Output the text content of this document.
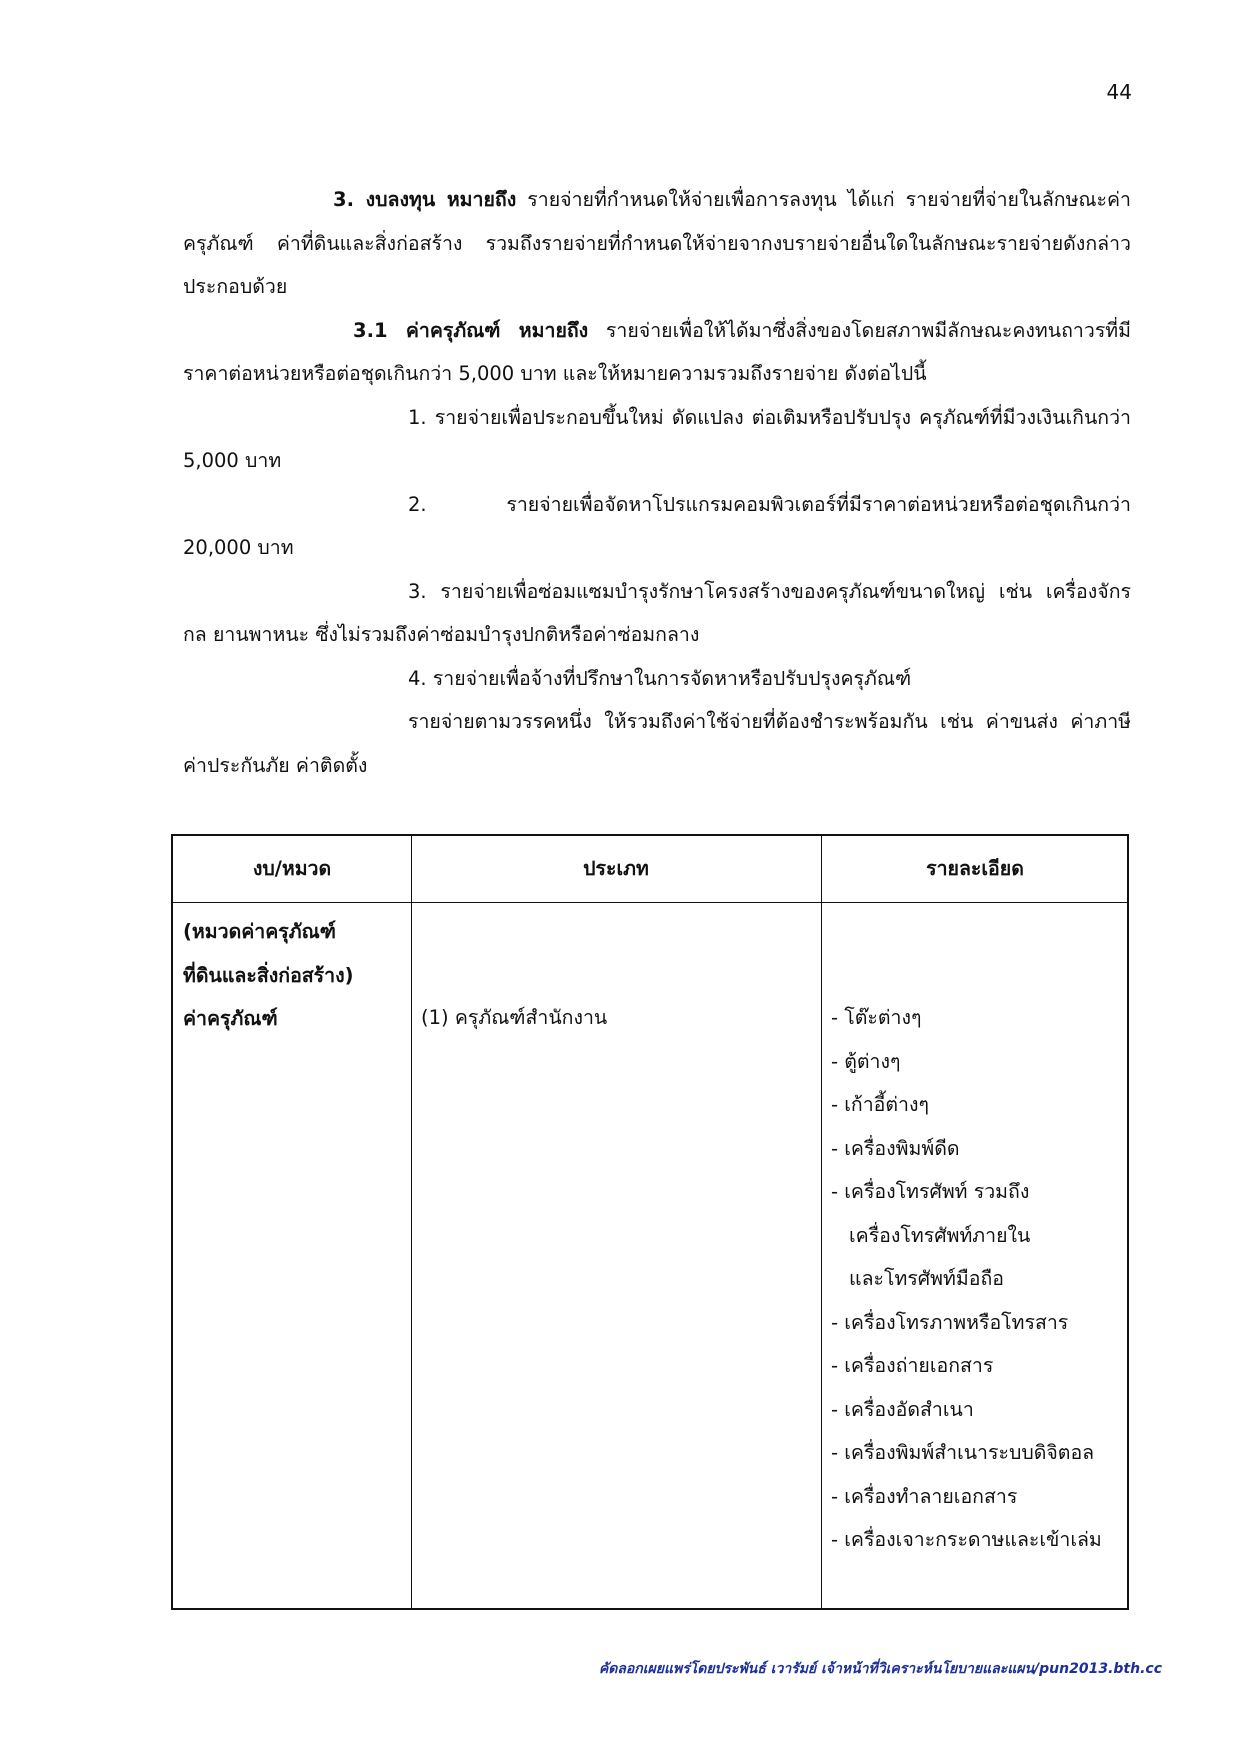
44

3. งบลงทุน หมายถึง รายจ่ายที่กำหนดให้จ่ายเพื่อการลงทุน ได้แก่ รายจ่ายที่จ่ายในลักษณะค่าครุภัณฑ์ ค่าที่ดินและสิ่งก่อสร้าง รวมถึงรายจ่ายที่กำหนดให้จ่ายจากงบรายจ่ายอื่นใดในลักษณะรายจ่ายดังกล่าว ประกอบด้วย

3.1 ค่าครุภัณฑ์ หมายถึง รายจ่ายเพื่อให้ได้มาซึ่งสิ่งของโดยสภาพมีลักษณะคงทนถาวรที่มีราคาต่อหน่วยหรือต่อชุดเกินกว่า 5,000 บาท และให้หมายความรวมถึงรายจ่าย ดังต่อไปนี้

1. รายจ่ายเพื่อประกอบขึ้นใหม่ ดัดแปลง ต่อเติมหรือปรับปรุง ครุภัณฑ์ที่มีวงเงินเกินกว่า 5,000 บาท

2. รายจ่ายเพื่อจัดหาโปรแกรมคอมพิวเตอร์ที่มีราคาต่อหน่วยหรือต่อชุดเกินกว่า 20,000 บาท

3. รายจ่ายเพื่อซ่อมแซมบำรุงรักษาโครงสร้างของครุภัณฑ์ขนาดใหญ่ เช่น เครื่องจักรกล ยานพาหนะ ซึ่งไม่รวมถึงค่าซ่อมบำรุงปกติหรือค่าซ่อมกลาง

4. รายจ่ายเพื่อจ้างที่ปรึกษาในการจัดหาหรือปรับปรุงครุภัณฑ์

รายจ่ายตามวรรคหนึ่ง ให้รวมถึงค่าใช้จ่ายที่ต้องชำระพร้อมกัน เช่น ค่าขนส่ง ค่าภาษี ค่าประกันภัย ค่าติดตั้ง

งบ/หมวด	ประเภท	รายละเอียด
(หมวดค่าครุภัณฑ์
ที่ดินและสิ่งก่อสร้าง)
ค่าครุภัณฑ์	(1) ครุภัณฑ์สำนักงาน	- โต๊ะต่างๆ
- ตู้ต่างๆ
- เก้าอี้ต่างๆ
- เครื่องพิมพ์ดีด
- เครื่องโทรศัพท์ รวมถึง
เครื่องโทรศัพท์ภายใน
และโทรศัพท์มือถือ
- เครื่องโทรภาพหรือโทรสาร
- เครื่องถ่ายเอกสาร
- เครื่องอัดสำเนา
- เครื่องพิมพ์สำเนาระบบดิจิตอล
- เครื่องทำลายเอกสาร
- เครื่องเจาะกระดาษและเข้าเล่ม
คัดลอกเผยแพร่โดยประพันธ์ เวารัมย์ เจ้าหน้าที่วิเคราะห์นโยบายและแผน/pun2013.bth.cc
